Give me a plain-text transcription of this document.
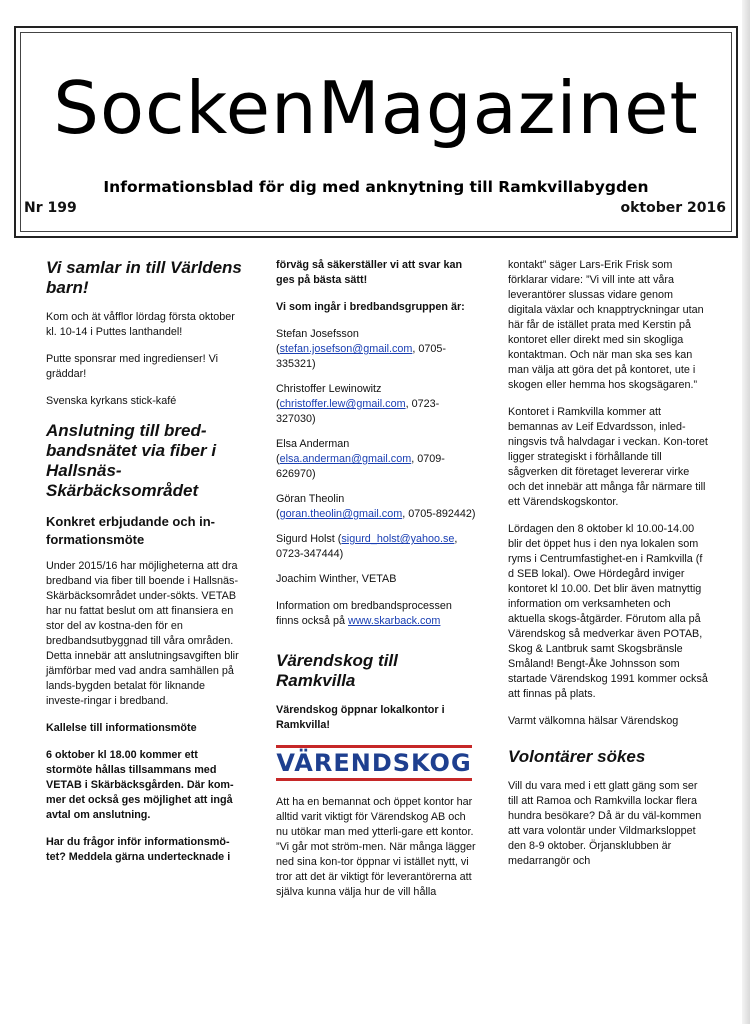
SockenMagazinet
Informationsblad för dig med anknytning till Ramkvillabygden
Nr 199	oktober 2016
Vi samlar in till Världens barn!

Kom och ät våfflor lördag första oktober kl. 10-14 i Puttes lanthandel!

Putte sponsrar med ingredienser! Vi gräddar!

Svenska kyrkans stick-kafé

Anslutning till bred-bandsnätet via fiber i Hallsnäs-Skärbäcksområdet
Konkret erbjudande och in-formationsmöte

Under 2015/16 har möjligheterna att dra bredband via fiber till boende i Hallsnäs-Skärbäcksområdet under-sökts. VETAB har nu fattat beslut om att finansiera en stor del av kostna-den för en bredbandsutbyggnad till våra områden. Detta innebär att anslutningsavgiften blir jämförbar med vad andra samhällen på lands-bygden betalat för liknande investe-ringar i bredband.

Kallelse till informationsmöte

6 oktober kl 18.00 kommer ett stormöte hållas tillsammans med VETAB i Skärbäcksgården. Där kom-mer det också ges möjlighet att ingå avtal om anslutning.

Har du frågor inför informationsmö-tet? Meddela gärna undertecknade i

förväg så säkerställer vi att svar kan ges på bästa sätt!

Vi som ingår i bredbandsgruppen är:

Stefan Josefsson
(stefan.josefson@gmail.com, 0705-335321)
Christoffer Lewinowitz
(christoffer.lew@gmail.com, 0723-327030)
Elsa Anderman
(elsa.anderman@gmail.com, 0709-626970)
Göran Theolin
(goran.theolin@gmail.com, 0705-892442)
Sigurd Holst (sigurd_holst@yahoo.se, 0723-347444)

Joachim Winther, VETAB

Information om bredbandsprocessen finns också på www.skarback.com

Värendskog till Ramkvilla

Värendskog öppnar lokalkontor i Ramkvilla!

VÄRENDSKOG

Att ha en bemannat och öppet kontor har alltid varit viktigt för Värendskog AB och nu utökar man med ytterli-gare ett kontor. ”Vi går mot ström-men. När många lägger ned sina kon-tor öppnar vi istället nytt, vi tror att det är viktigt för leverantörerna att själva kunna välja hur de vill hålla

kontakt” säger Lars-Erik Frisk som förklarar vidare: ”Vi vill inte att våra leverantörer slussas vidare genom digitala växlar och knapptryckningar utan här får de istället prata med Kerstin på kontoret eller direkt med sin skogliga kontaktman. Och när man ska ses kan man välja att göra det på kontoret, ute i skogen eller hemma hos skogsägaren.”

Kontoret i Ramkvilla kommer att bemannas av Leif Edvardsson, inled-ningsvis två halvdagar i veckan. Kon-toret ligger strategiskt i förhållande till sågverken dit företaget levererar virke och det innebär att många får närmare till ett Värendskogskontor.

Lördagen den 8 oktober kl 10.00-14.00 blir det öppet hus i den nya lokalen som ryms i Centrumfastighet-en i Ramkvilla (f d SEB lokal). Owe Hördegård inviger kontoret kl 10.00. Det blir även matnyttig information om verksamheten och aktuella skogs-åtgärder. Förutom alla på Värendskog så medverkar även POTAB, Skog & Lantbruk samt Skogsbränsle Småland! Bengt-Åke Johnsson som startade Värendskog 1991 kommer också att finnas på plats.

Varmt välkomna hälsar Värendskog

Volontärer sökes

Vill du vara med i ett glatt gäng som ser till att Ramoa och Ramkvilla lockar flera hundra besökare? Då är du väl-kommen att vara volontär under Vildmarksloppet den 8-9 oktober. Örjansklubben är medarrangör och
